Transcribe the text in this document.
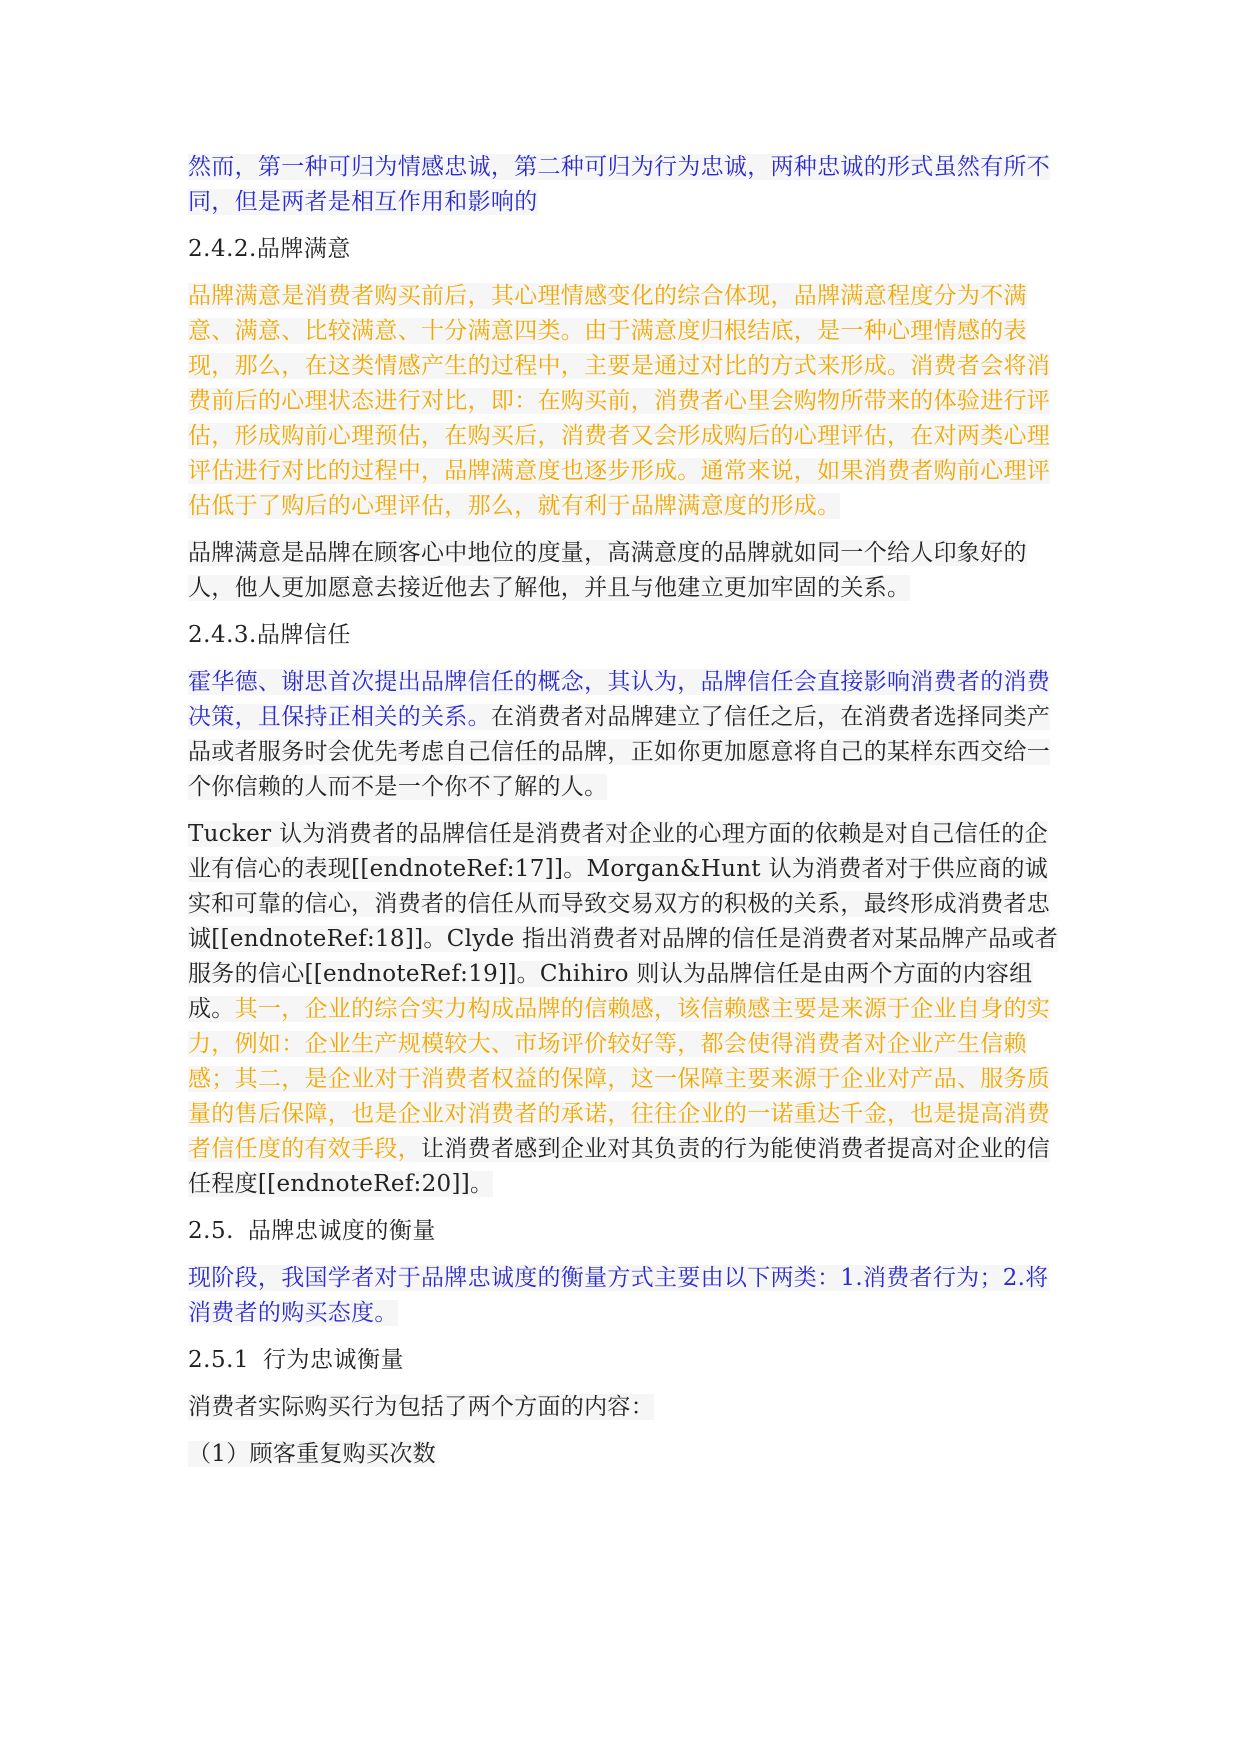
然而，第一种可归为情感忠诚，第二种可归为行为忠诚，两种忠诚的形式虽然有所不同，但是两者是相互作用和影响的

2.4.2.品牌满意

品牌满意是消费者购买前后，其心理情感变化的综合体现，品牌满意程度分为不满意、满意、比较满意、十分满意四类。由于满意度归根结底，是一种心理情感的表现，那么，在这类情感产生的过程中，主要是通过对比的方式来形成。消费者会将消费前后的心理状态进行对比，即：在购买前，消费者心里会购物所带来的体验进行评估，形成购前心理预估，在购买后，消费者又会形成购后的心理评估，在对两类心理评估进行对比的过程中，品牌满意度也逐步形成。通常来说，如果消费者购前心理评估低于了购后的心理评估，那么，就有利于品牌满意度的形成。

品牌满意是品牌在顾客心中地位的度量，高满意度的品牌就如同一个给人印象好的人，他人更加愿意去接近他去了解他，并且与他建立更加牢固的关系。

2.4.3.品牌信任

霍华德、谢思首次提出品牌信任的概念，其认为，品牌信任会直接影响消费者的消费决策，且保持正相关的关系。在消费者对品牌建立了信任之后，在消费者选择同类产品或者服务时会优先考虑自己信任的品牌，正如你更加愿意将自己的某样东西交给一个你信赖的人而不是一个你不了解的人。

Tucker 认为消费者的品牌信任是消费者对企业的心理方面的依赖是对自己信任的企业有信心的表现[[endnoteRef:17]]。Morgan&Hunt 认为消费者对于供应商的诚实和可靠的信心，消费者的信任从而导致交易双方的积极的关系，最终形成消费者忠诚[[endnoteRef:18]]。Clyde 指出消费者对品牌的信任是消费者对某品牌产品或者服务的信心[[endnoteRef:19]]。Chihiro 则认为品牌信任是由两个方面的内容组成。其一，企业的综合实力构成品牌的信赖感，该信赖感主要是来源于企业自身的实力，例如：企业生产规模较大、市场评价较好等，都会使得消费者对企业产生信赖感；其二，是企业对于消费者权益的保障，这一保障主要来源于企业对产品、服务质量的售后保障，也是企业对消费者的承诺，往往企业的一诺重达千金，也是提高消费者信任度的有效手段，让消费者感到企业对其负责的行为能使消费者提高对企业的信任程度[[endnoteRef:20]]。

2.5. 品牌忠诚度的衡量

现阶段，我国学者对于品牌忠诚度的衡量方式主要由以下两类：1.消费者行为；2.将消费者的购买态度。

2.5.1 行为忠诚衡量

消费者实际购买行为包括了两个方面的内容：

（1）顾客重复购买次数
